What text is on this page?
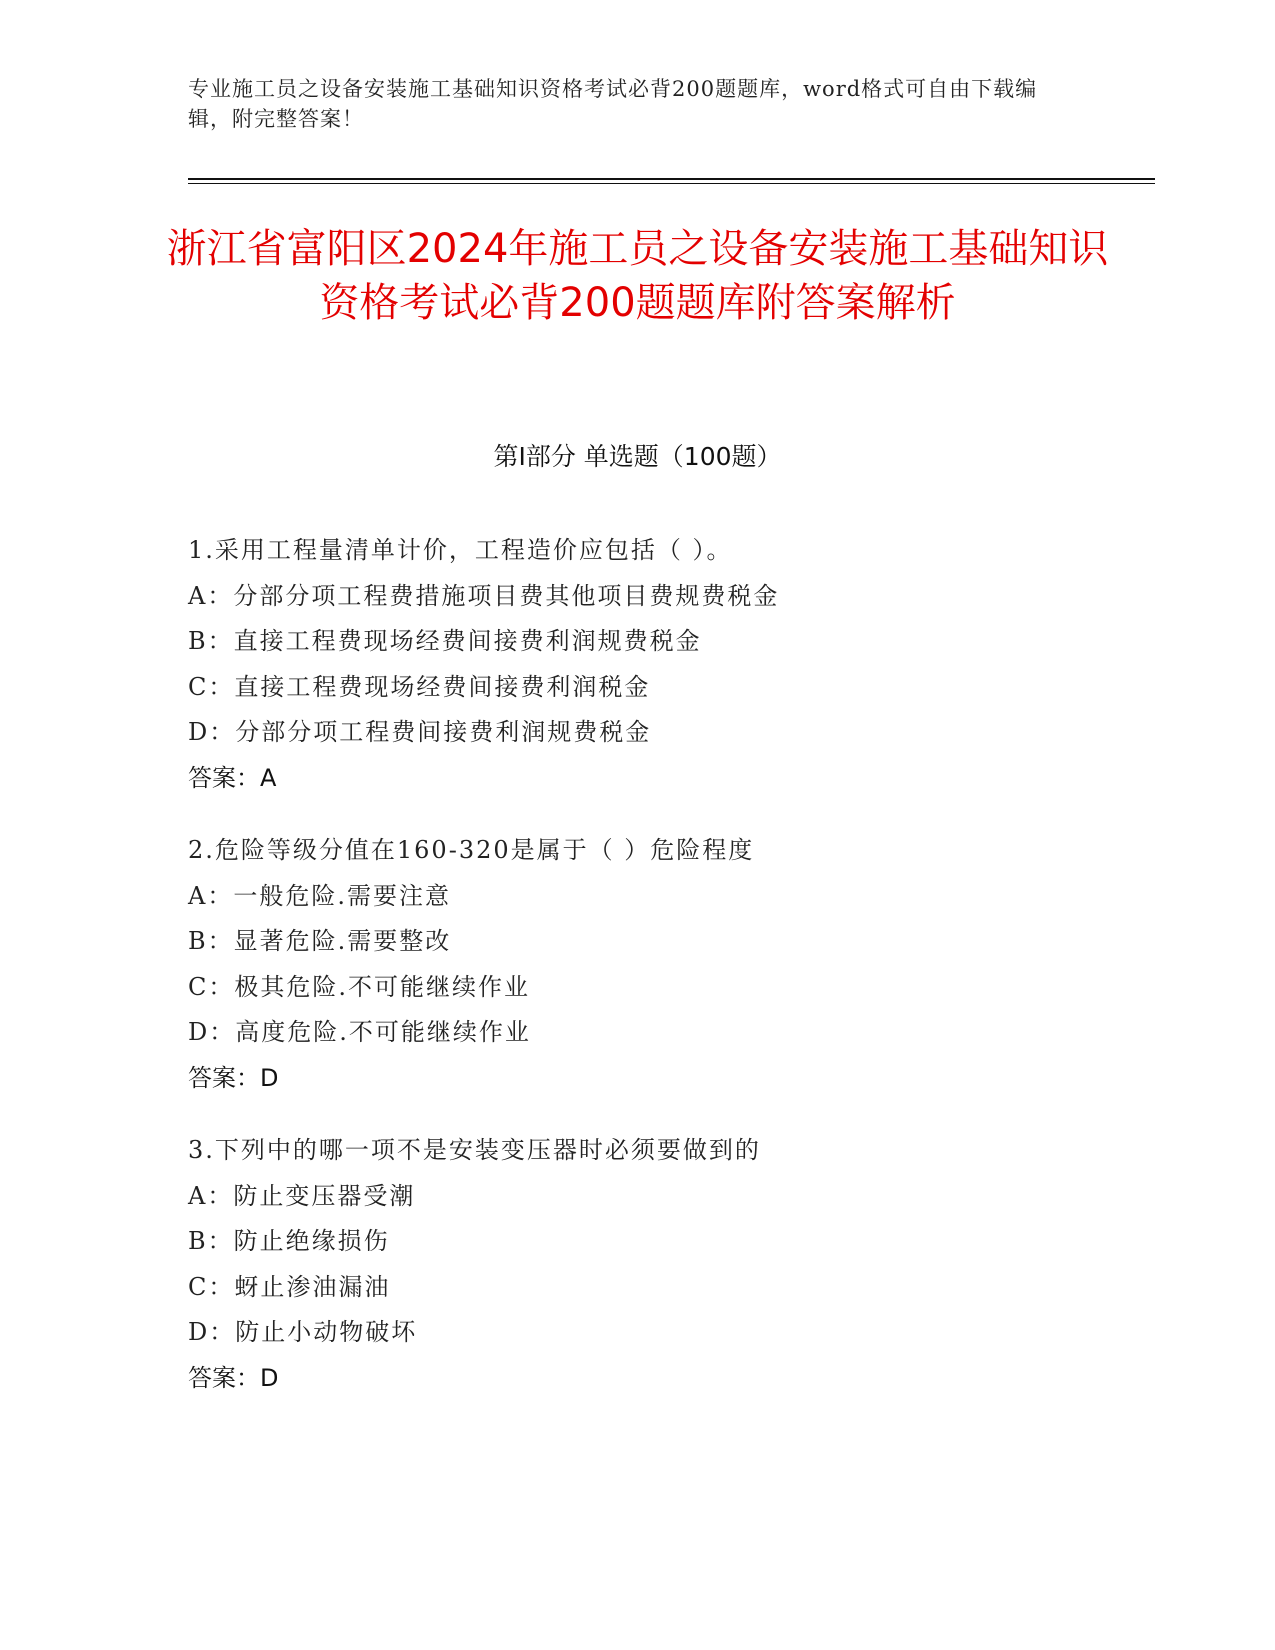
专业施工员之设备安装施工基础知识资格考试必背200题题库，word格式可自由下载编辑，附完整答案！
浙江省富阳区2024年施工员之设备安装施工基础知识资格考试必背200题题库附答案解析
第Ⅰ部分 单选题（100题）
1.采用工程量清单计价，工程造价应包括（ ）。
A：分部分项工程费措施项目费其他项目费规费税金
B：直接工程费现场经费间接费利润规费税金
C：直接工程费现场经费间接费利润税金
D：分部分项工程费间接费利润规费税金
答案：A
2.危险等级分值在160-320是属于（ ）危险程度
A：一般危险.需要注意
B：显著危险.需要整改
C：极其危险.不可能继续作业
D：高度危险.不可能继续作业
答案：D
3.下列中的哪一项不是安装变压器时必须要做到的
A：防止变压器受潮
B：防止绝缘损伤
C：蚜止渗油漏油
D：防止小动物破坏
答案：D
